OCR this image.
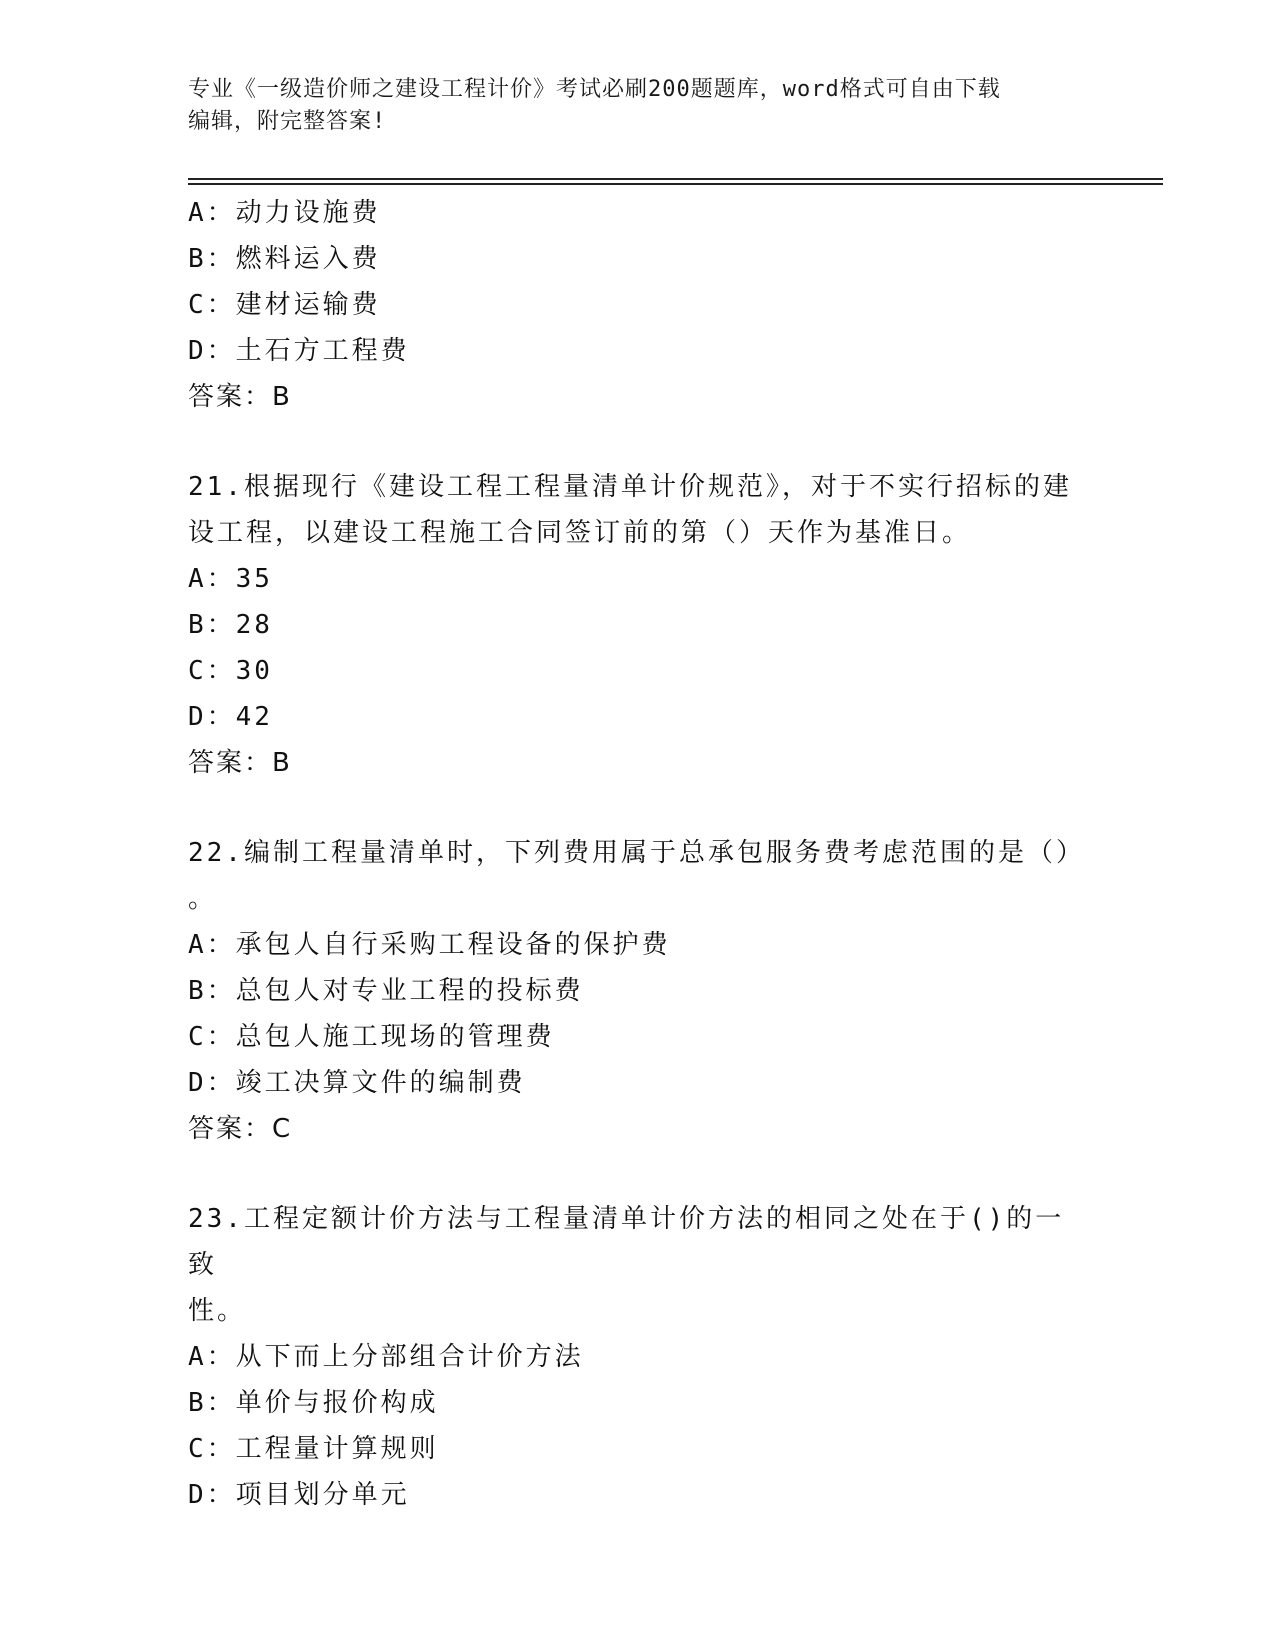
专业《一级造价师之建设工程计价》考试必刷200题题库，word格式可自由下载
编辑，附完整答案!
A：动力设施费
B：燃料运入费
C：建材运输费
D：土石方工程费
答案：B
21.根据现行《建设工程工程量清单计价规范》，对于不实行招标的建
设工程，以建设工程施工合同签订前的第（）天作为基准日。
A：35
B：28
C：30
D：42
答案：B
22.编制工程量清单时，下列费用属于总承包服务费考虑范围的是（）
。
A：承包人自行采购工程设备的保护费
B：总包人对专业工程的投标费
C：总包人施工现场的管理费
D：竣工决算文件的编制费
答案：C
23.工程定额计价方法与工程量清单计价方法的相同之处在于()的一致
性。
A：从下而上分部组合计价方法
B：单价与报价构成
C：工程量计算规则
D：项目划分单元
